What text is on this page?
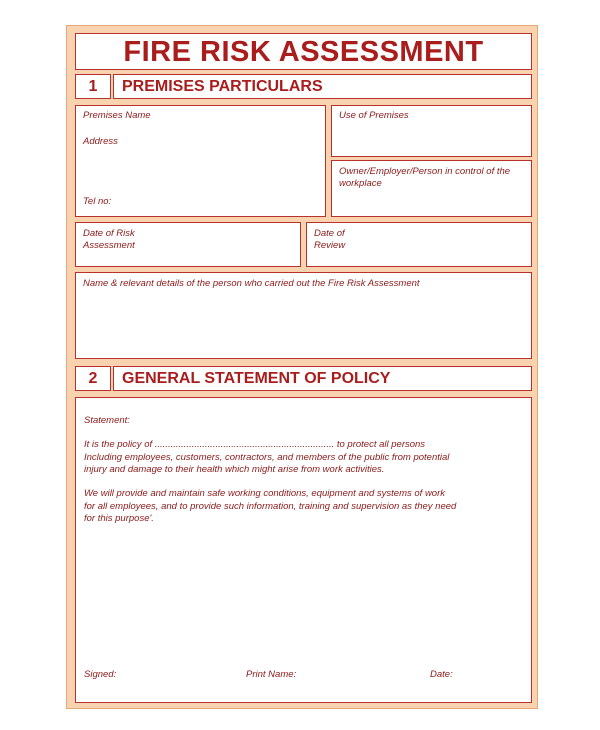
FIRE RISK ASSESSMENT
1	PREMISES PARTICULARS
Premises Name
Address
Tel no:
Use of Premises
Owner/Employer/Person in control of the workplace
Date of Risk
Assessment
Date of
Review
Name & relevant details of the person who carried out the Fire Risk Assessment
2	GENERAL STATEMENT OF POLICY
Statement:
It is the policy of .................................................................... to protect all persons
Including employees, customers, contractors, and members of the public from potential
injury and damage to their health which might arise from work activities.
We will provide and maintain safe working conditions, equipment and systems of work
for all employees, and to provide such information, training and supervision as they need
for this purpose'.
Signed:	Print Name:	Date:
